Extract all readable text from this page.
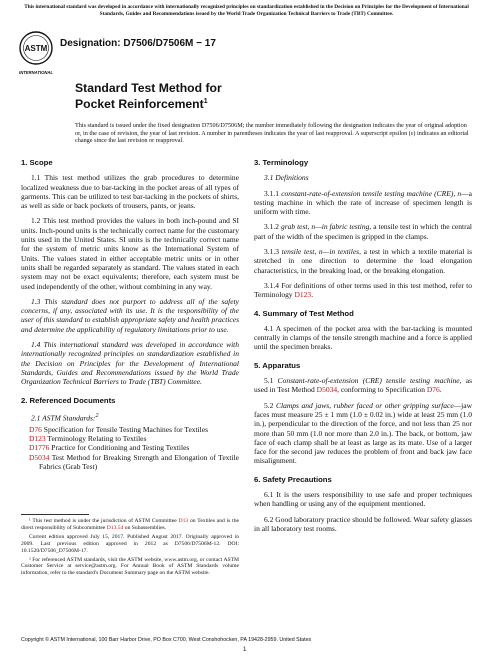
This international standard was developed in accordance with internationally recognized principles on standardization established in the Decision on Principles for the Development of International Standards, Guides and Recommendations issued by the World Trade Organization Technical Barriers to Trade (TBT) Committee.
ASTM
INTERNATIONAL
Designation: D7506/D7506M − 17
Standard Test Method for
Pocket Reinforcement$^1$
This standard is issued under the fixed designation D7506/D7506M; the number immediately following the designation indicates the year of original adoption or, in the case of revision, the year of last revision. A number in parentheses indicates the year of last reapproval. A superscript epsilon (ε) indicates an editorial change since the last revision or reapproval.
1. Scope

1.1 This test method utilizes the grab procedures to determine localized weakness due to bar-tacking in the pocket areas of all types of garments. This can be utilized to test bar-tacking in the pockets of shirts, as well as side or back pockets of trousers, pants, or jeans.

1.2 This test method provides the values in both inch-pound and SI units. Inch-pound units is the technically correct name for the customary units used in the United States. SI units is the technically correct name for the system of metric units know as the International System of Units. The values stated in either acceptable metric units or in other units shall be regarded separately as standard. The values stated in each system may not be exact equivalents; therefore, each system must be used independently of the other, without combining in any way.

1.3 This standard does not purport to address all of the safety concerns, if any, associated with its use. It is the responsibility of the user of this standard to establish appropriate safety and health practices and determine the applicability of regulatory limitations prior to use.

1.4 This international standard was developed in accordance with internationally recognized principles on standardization established in the Decision on Principles for the Development of International Standards, Guides and Recommendations issued by the World Trade Organization Technical Barriers to Trade (TBT) Committee.

2. Referenced Documents

2.1 ASTM Standards:$^2$

D76 Specification for Tensile Testing Machines for Textiles
D123 Terminology Relating to Textiles
D1776 Practice for Conditioning and Testing Textiles
D5034 Test Method for Breaking Strength and Elongation of Textile Fabrics (Grab Test)

¹ This test method is under the jurisdiction of ASTM Committee D13 on Textiles and is the direct responsibility of Subcommittee D13.54 on Subassemblies.

Current edition approved July 15, 2017. Published August 2017. Originally approved in 2009. Last previous edition approved in 2012 as D7506/D7506M-12. DOI: 10.1520/D7506_D7506M-17.

² For referenced ASTM standards, visit the ASTM website, www.astm.org, or contact ASTM Customer Service at service@astm.org. For Annual Book of ASTM Standards volume information, refer to the standard's Document Summary page on the ASTM website.

3. Terminology

3.1 Definitions

3.1.1 constant-rate-of-extension tensile testing machine (CRE), n—a testing machine in which the rate of increase of specimen length is uniform with time.

3.1.2 grab test, n—in fabric testing, a tensile test in which the central part of the width of the specimen is gripped in the clamps.

3.1.3 tensile test, n—in textiles, a test in which a textile material is stretched in one direction to determine the load elongation characteristics, in the breaking load, or the breaking elongation.

3.1.4 For definitions of other terms used in this test method, refer to Terminology D123.

4. Summary of Test Method

4.1 A specimen of the pocket area with the bar-tacking is mounted centrally in clamps of the tensile strength machine and a force is applied until the specimen breaks.

5. Apparatus

5.1 Constant-rate-of-extension (CRE) tensile testing machine, as used in Test Method D5034, conforming to Specification D76.

5.2 Clamps and jaws, rubber faced or other gripping surface—jaw faces must measure 25 ± 1 mm (1.0 ± 0.02 in.) wide at least 25 mm (1.0 in.), perpendicular to the direction of the force, and not less than 25 nor more than 50 mm (1.0 nor more than 2.0 in.). The back, or bottom, jaw face of each clamp shall be at least as large as its mate. Use of a larger face for the second jaw reduces the problem of front and back jaw face misalignment.

6. Safety Precautions

6.1 It is the users responsibility to use safe and proper techniques when handling or using any of the equipment mentioned.

6.2 Good laboratory practice should be followed. Wear safety glasses in all laboratory test rooms.

Copyright © ASTM International, 100 Barr Harbor Drive, PO Box C700, West Conshohocken, PA 19428-2959. United States
1
